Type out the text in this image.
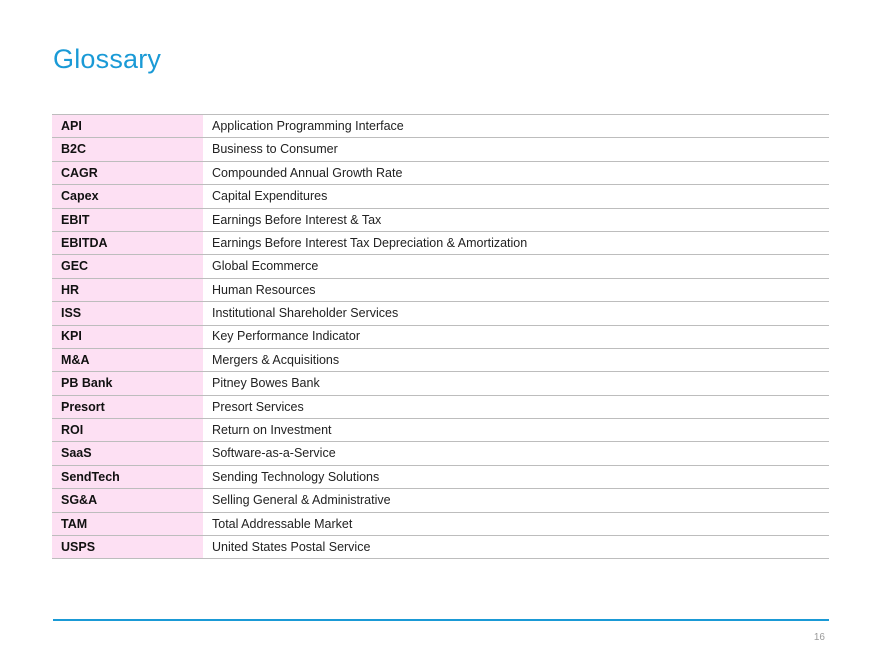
Glossary
API	Application Programming Interface
B2C	Business to Consumer
CAGR	Compounded Annual Growth Rate
Capex	Capital Expenditures
EBIT	Earnings Before Interest & Tax
EBITDA	Earnings Before Interest Tax Depreciation & Amortization
GEC	Global Ecommerce
HR	Human Resources
ISS	Institutional Shareholder Services
KPI	Key Performance Indicator
M&A	Mergers & Acquisitions
PB Bank	Pitney Bowes Bank
Presort	Presort Services
ROI	Return on Investment
SaaS	Software-as-a-Service
SendTech	Sending Technology Solutions
SG&A	Selling General & Administrative
TAM	Total Addressable Market
USPS	United States Postal Service
16
